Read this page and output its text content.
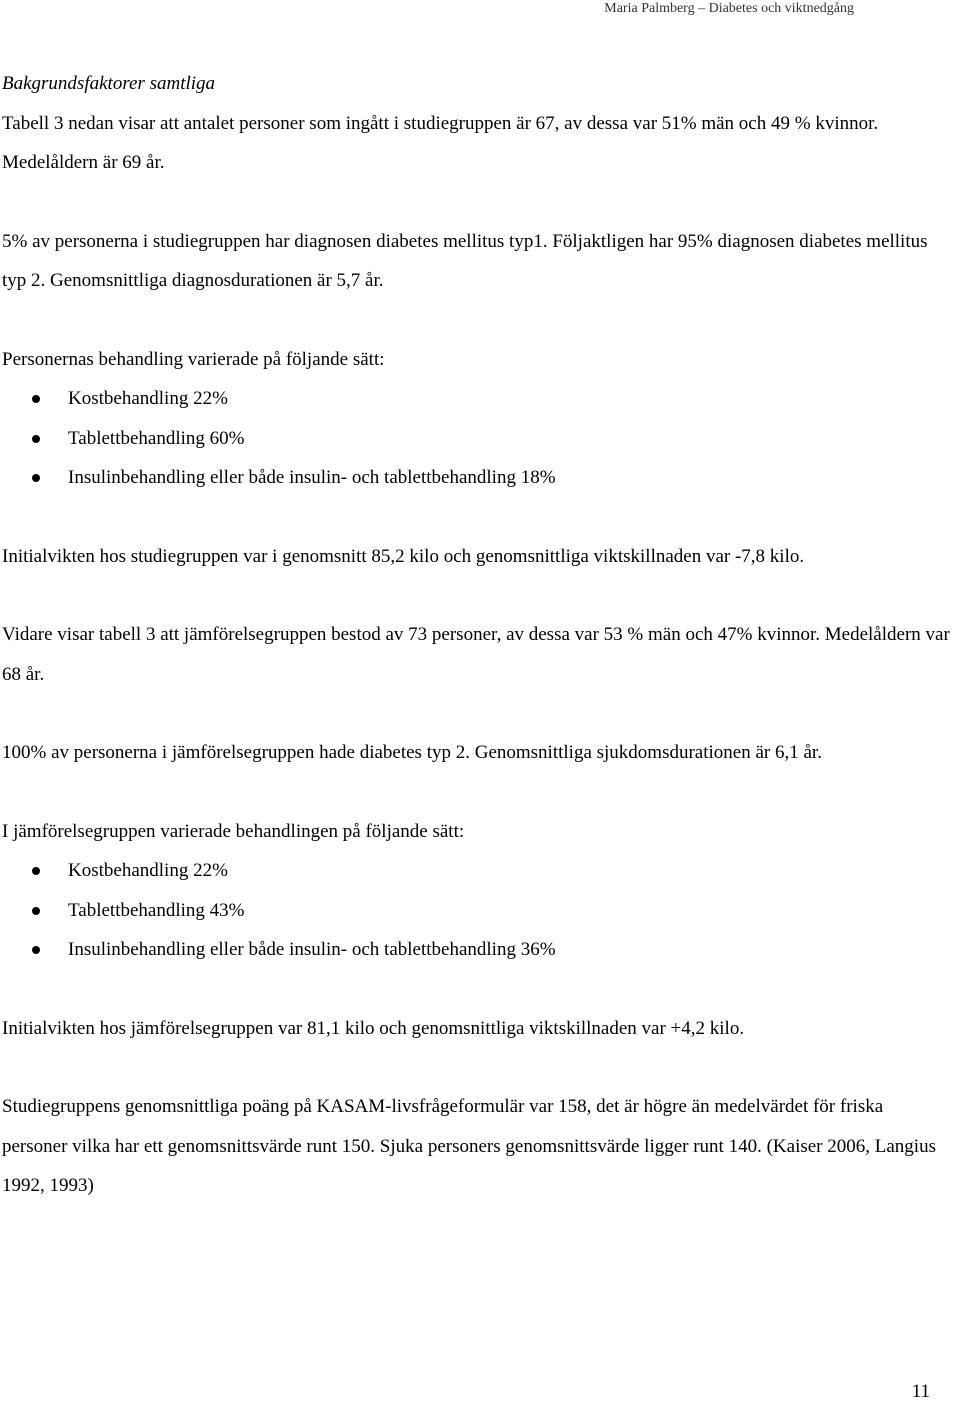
Maria Palmberg – Diabetes och viktnedgång

Bakgrundsfaktorer samtliga

Tabell 3 nedan visar att antalet personer som ingått i studiegruppen är 67, av dessa var 51% män och 49 % kvinnor. Medelåldern är 69 år.

5% av personerna i studiegruppen har diagnosen diabetes mellitus typ1. Följaktligen har 95% diagnosen diabetes mellitus typ 2. Genomsnittliga diagnosdurationen är 5,7 år.

Personernas behandling varierade på följande sätt:

Kostbehandling 22%
Tablettbehandling 60%
Insulinbehandling eller både insulin- och tablettbehandling 18%

Initialvikten hos studiegruppen var i genomsnitt 85,2 kilo och genomsnittliga viktskillnaden var -7,8 kilo.

Vidare visar tabell 3 att jämförelsegruppen bestod av 73 personer, av dessa var 53 % män och 47% kvinnor. Medelåldern var 68 år.

100% av personerna i jämförelsegruppen hade diabetes typ 2. Genomsnittliga sjukdomsdurationen är 6,1 år.

I jämförelsegruppen varierade behandlingen på följande sätt:

Kostbehandling 22%
Tablettbehandling 43%
Insulinbehandling eller både insulin- och tablettbehandling 36%

Initialvikten hos jämförelsegruppen var 81,1 kilo och genomsnittliga viktskillnaden var +4,2 kilo.

Studiegruppens genomsnittliga poäng på KASAM-livsfrågeformulär var 158, det är högre än medelvärdet för friska personer vilka har ett genomsnittsvärde runt 150. Sjuka personers genomsnittsvärde ligger runt 140. (Kaiser 2006, Langius 1992, 1993)

11
